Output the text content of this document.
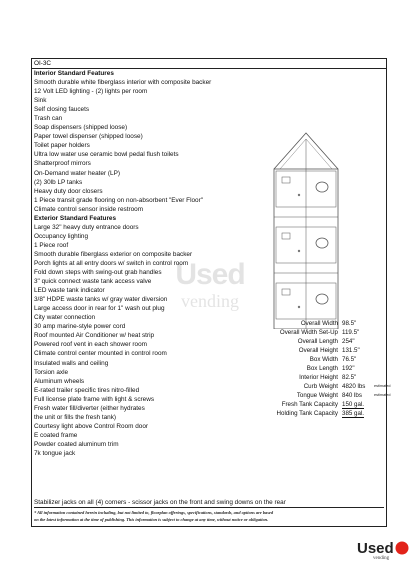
OI-3C
Interior Standard Features
Smooth durable white fiberglass interior with composite backer
12 Volt LED lighting - (2) lights per room
Sink
Self closing faucets
Trash can
Soap dispensers (shipped loose)
Paper towel dispenser (shipped loose)
Toilet paper holders
Ultra low water use ceramic bowl pedal flush toilets
Shatterproof mirrors
On-Demand water heater (LP)
(2) 30lb LP tanks
Heavy duty door closers
1 Piece transit grade flooring on non-absorbent "Ever Floor"
Climate control sensor inside restroom
Exterior Standard Features
Large 32" heavy duty entrance doors
Occupancy lighting
1 Piece roof
Smooth durable fiberglass exterior on composite backer
Porch lights at all entry doors w/ switch in control room
Fold down steps with swing-out grab handles
3" quick connect waste tank access valve
LED waste tank indicator
3/8" HDPE waste tanks w/ gray water diversion
Large access door in rear for 1" wash out plug
City water connection
30 amp marine-style power cord
Roof mounted Air Conditioner w/ heat strip
Powered roof vent in each shower room
Climate control center mounted in control room
Insulated walls and ceiling
Torsion axle
Aluminum wheels
E-rated trailer specific tires nitro-filled
Full license plate frame with light & screws
Fresh water fill/diverter (either hydrates
the unit or fills the fresh tank)
Courtesy light above Control Room door
E coated frame
Powder coated aluminum trim
7k tongue jack
Stabilizer jacks on all (4) corners - scissor jacks on the front and swing downs on the rear
* All information contained herein including, but not limited to, floorplan offerings, specifications, standards, and options are based
on the latest information at the time of publishing. This information is subject to change at any time, without notice or obligation.
Overall Width 98.5"
Overall Width Set-Up 119.5"
Overall Length 254"
Overall Height 131.5"
Box Width 76.5"
Box Length 192"
Interior Height 82.5"
Curb Weight 4820 lbs estimated
Tongue Weight 840 lbs	estimated
Fresh Tank Capacity 150 gal.
Holding Tank Capacity 385 gal.
Used
vending
Used
vending
